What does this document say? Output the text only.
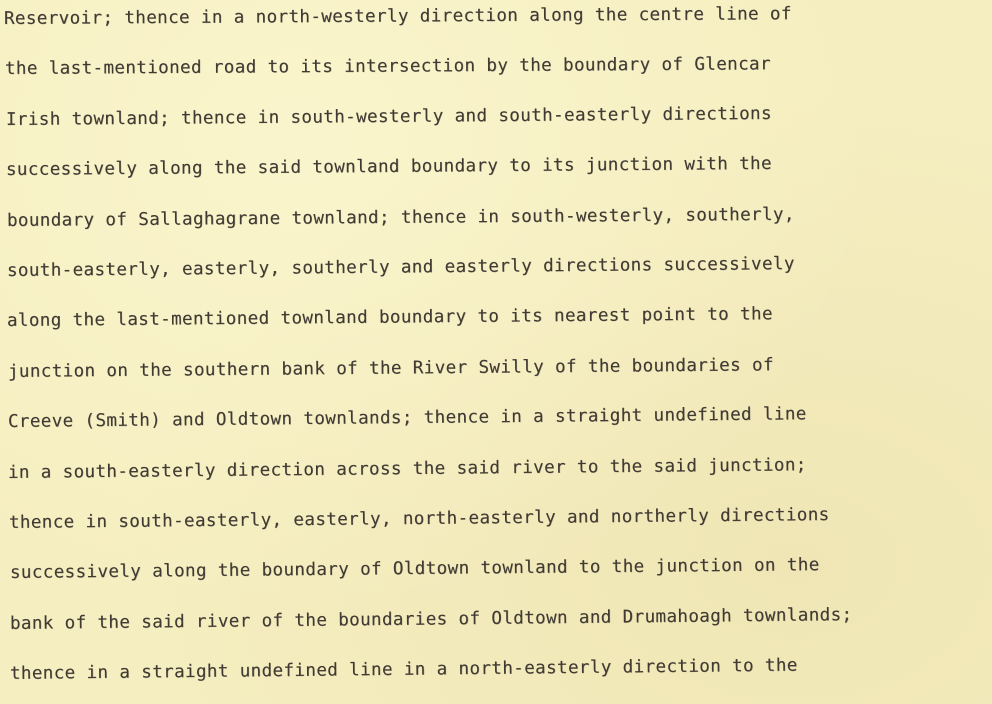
Reservoir; thence in a north-westerly direction along the centre line of
the last-mentioned road to its intersection by the boundary of Glencar
Irish townland; thence in south-westerly and south-easterly directions
successively along the said townland boundary to its junction with the
boundary of Sallaghagrane townland; thence in south-westerly, southerly,
south-easterly, easterly, southerly and easterly directions successively
along the last-mentioned townland boundary to its nearest point to the
junction on the southern bank of the River Swilly of the boundaries of
Creeve (Smith) and Oldtown townlands; thence in a straight undefined line
in a south-easterly direction across the said river to the said junction;
thence in south-easterly, easterly, north-easterly and northerly directions
successively along the boundary of Oldtown townland to the junction on the
bank of the said river of the boundaries of Oldtown and Drumahoagh townlands;
thence in a straight undefined line in a north-easterly direction to the
